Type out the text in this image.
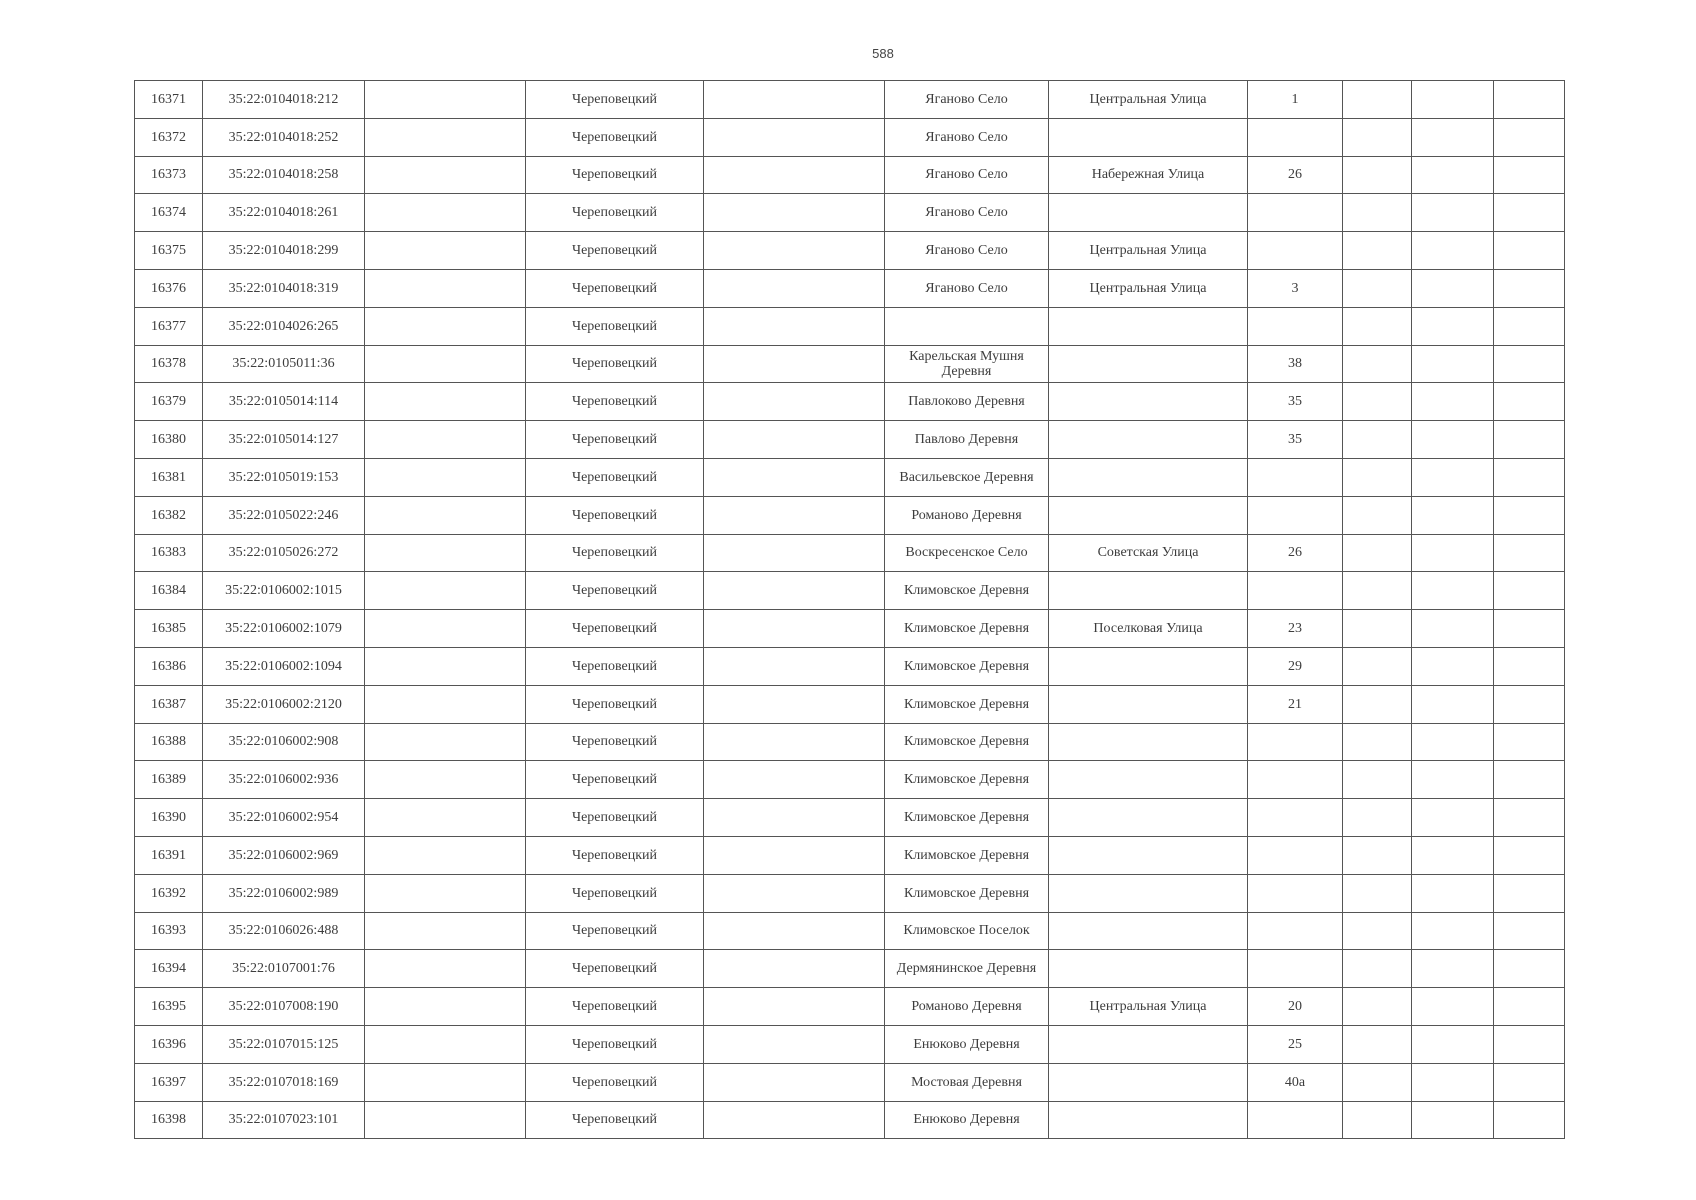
588
16371	35:22:0104018:212		Череповецкий		Яганово Село	Центральная Улица	1			
16372	35:22:0104018:252		Череповецкий		Яганово Село					
16373	35:22:0104018:258		Череповецкий		Яганово Село	Набережная Улица	26			
16374	35:22:0104018:261		Череповецкий		Яганово Село					
16375	35:22:0104018:299		Череповецкий		Яганово Село	Центральная Улица				
16376	35:22:0104018:319		Череповецкий		Яганово Село	Центральная Улица	3			
16377	35:22:0104026:265		Череповецкий							
16378	35:22:0105011:36		Череповецкий		Карельская Мушня Деревня		38			
16379	35:22:0105014:114		Череповецкий		Павлоково Деревня		35			
16380	35:22:0105014:127		Череповецкий		Павлово Деревня		35			
16381	35:22:0105019:153		Череповецкий		Васильевское Деревня					
16382	35:22:0105022:246		Череповецкий		Романово Деревня					
16383	35:22:0105026:272		Череповецкий		Воскресенское Село	Советская Улица	26			
16384	35:22:0106002:1015		Череповецкий		Климовское Деревня					
16385	35:22:0106002:1079		Череповецкий		Климовское Деревня	Поселковая Улица	23			
16386	35:22:0106002:1094		Череповецкий		Климовское Деревня		29			
16387	35:22:0106002:2120		Череповецкий		Климовское Деревня		21			
16388	35:22:0106002:908		Череповецкий		Климовское Деревня					
16389	35:22:0106002:936		Череповецкий		Климовское Деревня					
16390	35:22:0106002:954		Череповецкий		Климовское Деревня					
16391	35:22:0106002:969		Череповецкий		Климовское Деревня					
16392	35:22:0106002:989		Череповецкий		Климовское Деревня					
16393	35:22:0106026:488		Череповецкий		Климовское Поселок					
16394	35:22:0107001:76		Череповецкий		Дермянинское Деревня					
16395	35:22:0107008:190		Череповецкий		Романово Деревня	Центральная Улица	20			
16396	35:22:0107015:125		Череповецкий		Енюково Деревня		25			
16397	35:22:0107018:169		Череповецкий		Мостовая Деревня		40а			
16398	35:22:0107023:101		Череповецкий		Енюково Деревня					
